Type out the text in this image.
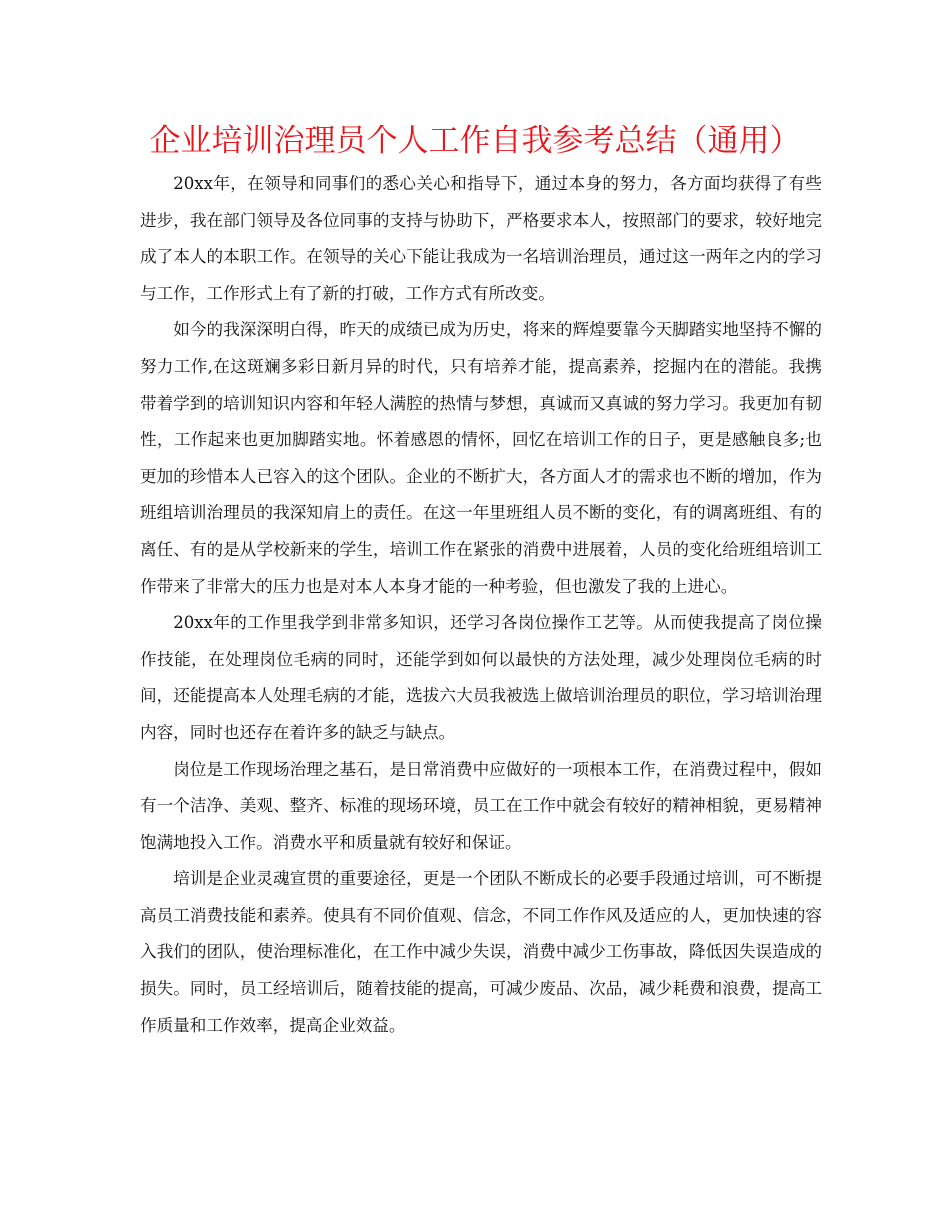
企业培训治理员个人工作自我参考总结（通用）

20xx年，在领导和同事们的悉心关心和指导下，通过本身的努力，各方面均获得了有些进步，我在部门领导及各位同事的支持与协助下，严格要求本人，按照部门的要求，较好地完成了本人的本职工作。在领导的关心下能让我成为一名培训治理员，通过这一两年之内的学习与工作，工作形式上有了新的打破，工作方式有所改变。

如今的我深深明白得，昨天的成绩已成为历史，将来的辉煌要靠今天脚踏实地坚持不懈的努力工作,在这斑斓多彩日新月异的时代，只有培养才能，提高素养，挖掘内在的潜能。我携带着学到的培训知识内容和年轻人满腔的热情与梦想，真诚而又真诚的努力学习。我更加有韧性，工作起来也更加脚踏实地。怀着感恩的情怀，回忆在培训工作的日子，更是感触良多;也更加的珍惜本人已容入的这个团队。企业的不断扩大，各方面人才的需求也不断的增加，作为班组培训治理员的我深知肩上的责任。在这一年里班组人员不断的变化，有的调离班组、有的离任、有的是从学校新来的学生，培训工作在紧张的消费中进展着，人员的变化给班组培训工作带来了非常大的压力也是对本人本身才能的一种考验，但也激发了我的上进心。

20xx年的工作里我学到非常多知识，还学习各岗位操作工艺等。从而使我提高了岗位操作技能，在处理岗位毛病的同时，还能学到如何以最快的方法处理，减少处理岗位毛病的时间，还能提高本人处理毛病的才能，选拔六大员我被选上做培训治理员的职位，学习培训治理内容，同时也还存在着许多的缺乏与缺点。

岗位是工作现场治理之基石，是日常消费中应做好的一项根本工作，在消费过程中，假如有一个洁净、美观、整齐、标准的现场环境，员工在工作中就会有较好的精神相貌，更易精神饱满地投入工作。消费水平和质量就有较好和保证。

培训是企业灵魂宣贯的重要途径，更是一个团队不断成长的必要手段通过培训，可不断提高员工消费技能和素养。使具有不同价值观、信念，不同工作作风及适应的人，更加快速的容入我们的团队，使治理标准化，在工作中减少失误，消费中减少工伤事故，降低因失误造成的损失。同时，员工经培训后，随着技能的提高，可减少废品、次品，减少耗费和浪费，提高工作质量和工作效率，提高企业效益。
